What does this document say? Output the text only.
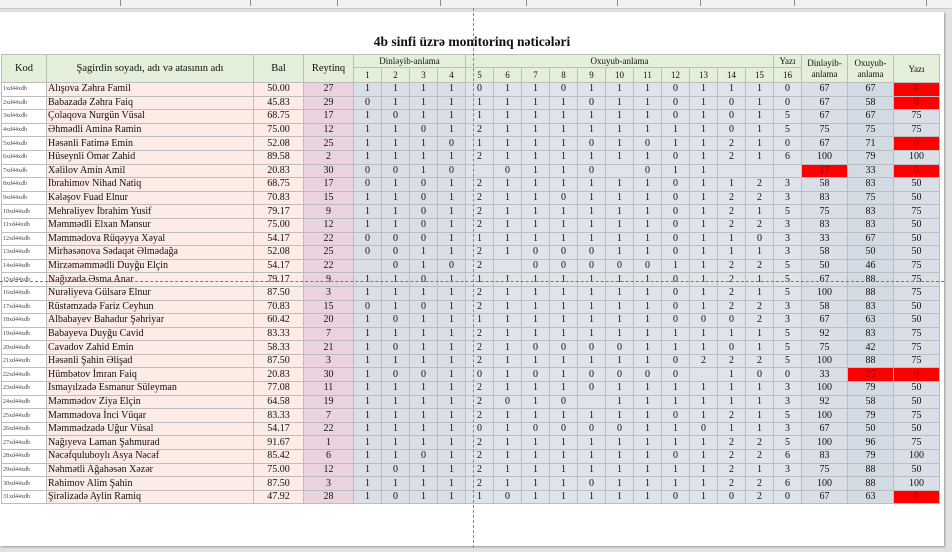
4b sinfi üzrə monitorinq nəticələri
Kod	Şagirdin soyadı, adı və atasının adı	Bal	Reytinq	Dinləyib-anlama				Oxuyub-anlama											Yazı	Dinləyib-anlama	Oxuyub-anlama	Yazı
				1	2	3	4	5	6	7	8	9	10	11	12	13	14	15	16			
1xd44xdb	Alışova Zəhra Famil	50.00	27	1	1	1	1	0	1	1	0	1	1	1	0	1	1	1	0	67	67	0
2xd44xdb	Babazadə Zəhra Faiq	45.83	29	0	1	1	1	1	1	1	1	0	1	1	0	1	0	1	0	67	58	0
3xd44xdb	Çolaqova Nurgün Vüsal	68.75	17	1	0	1	1	1	1	1	1	1	1	1	0	1	0	1	5	67	67	75
4xd44xdb	Əhmədli Aminə Ramin	75.00	12	1	1	0	1	2	1	1	1	1	1	1	1	1	0	1	5	75	75	75
5xd44xdb	Həsənli Fatimə Emin	52.08	25	1	1	1	0	1	1	1	1	0	1	0	1	1	2	1	0	67	71	0
6xd44xdb	Hüseynli Ömər Zahid	89.58	2	1	1	1	1	2	1	1	1	1	1	1	0	1	2	1	6	100	79	100
7xd44xdb	Xəlilov Amin Amil	20.83	30	0	0	1	0		0	1	1	0		0	1	1				17	33	0
8xd44xdb	İbrahimov Nihad Natiq	68.75	17	0	1	0	1	2	1	1	1	1	1	1	0	1	1	2	3	58	83	50
9xd44xdb	Kələşov Fuad Elnur	70.83	15	1	1	0	1	2	1	1	0	1	1	1	0	1	2	2	3	83	75	50
10xd44xdb	Mehrəliyev İbrahim Yusif	79.17	9	1	1	0	1	2	1	1	1	1	1	1	0	1	2	1	5	75	83	75
11xd44xdb	Məmmədli Elxan Mənsur	75.00	12	1	1	0	1	2	1	1	1	1	1	1	0	1	2	2	3	83	83	50
12xd44xdb	Məmmədova Rüqəyya Xəyal	54.17	22	0	0	0	1	1	1	1	1	1	1	1	0	1	1	0	3	33	67	50
13xd44xdb	Mirhəsənova Sədaqət Əlmədağa	52.08	25	0	0	1	1	2	1	0	0	0	1	1	0	1	1	1	3	58	50	50
14xd44xdb	Mirzəməmmədli Duyğu Elçin	54.17	22		0	1	0	2		0	0	0	0	0	1	1	2	2	5	50	46	75
15xd44xdb	Nağızadə Əsma Anar	79.17	9	1	1	0	1	1	1	1	1	1	1	1	0	1	2	1	5	67	88	75
16xd44xdb	Nurəliyeva Gülsarə Elnur	87.50	3	1	1	1	1	2	1	1	1	1	1	1	0	1	2	1	5	100	88	75
17xd44xdb	Rüstəmzadə Fariz Ceyhun	70.83	15	0	1	0	1	2	1	1	1	1	1	1	0	1	2	2	3	58	83	50
18xd44xdb	Albabayev Bahadur Şəhriyar	60.42	20	1	0	1	1	1	1	1	1	1	1	1	0	0	0	2	3	67	63	50
19xd44xdb	Babayeva Duyğu Cavid	83.33	7	1	1	1	1	2	1	1	1	1	1	1	1	1	1	1	5	92	83	75
20xd44xdb	Cavadov Zahid Emin	58.33	21	1	0	1	1	2	1	0	0	0	0	1	1	1	0	1	5	75	42	75
21xd44xdb	Həsənli Şahin Əlişad	87.50	3	1	1	1	1	2	1	1	1	1	1	1	0	2	2	2	5	100	88	75
22xd44xdb	Hümbətov İmran Faiq	20.83	30	1	0	0	1	0	1	0	1	0	0	0	0		1	0	0	33	25	0
23xd44xdb	İsmayılzadə Esmanur Süleyman	77.08	11	1	1	1	1	2	1	1	1	0	1	1	1	1	1	1	3	100	79	50
24xd44xdb	Məmmədov Ziya Elçin	64.58	19	1	1	1	1	2	0	1	0		1	1	1	1	1	1	3	92	58	50
25xd44xdb	Məmmədova İnci Vüqar	83.33	7	1	1	1	1	2	1	1	1	1	1	1	0	1	2	1	5	100	79	75
26xd44xdb	Məmmədzadə Uğur Vüsal	54.17	22	1	1	1	1	0	1	0	0	0	0	1	1	0	1	1	3	67	50	50
27xd44xdb	Nağıyeva Laman Şahmurad	91.67	1	1	1	1	1	2	1	1	1	1	1	1	1	1	2	2	5	100	96	75
28xd44xdb	Nəcəfquluboylı Asya Nəcəf	85.42	6	1	1	0	1	2	1	1	1	1	1	1	0	1	2	2	6	83	79	100
29xd44xdb	Nəhmətli Ağahəsən Xəzər	75.00	12	1	0	1	1	2	1	1	1	1	1	1	1	1	2	1	3	75	88	50
30xd44xdb	Rəhimov Alim Şahin	87.50	3	1	1	1	1	2	1	1	1	0	1	1	1	1	2	2	6	100	88	100
31xd44xdb	Şirəlizadə Aylin Ramiq	47.92	28	1	0	1	1	1	0	1	1	1	1	1	0	1	0	2	0	67	63	0
